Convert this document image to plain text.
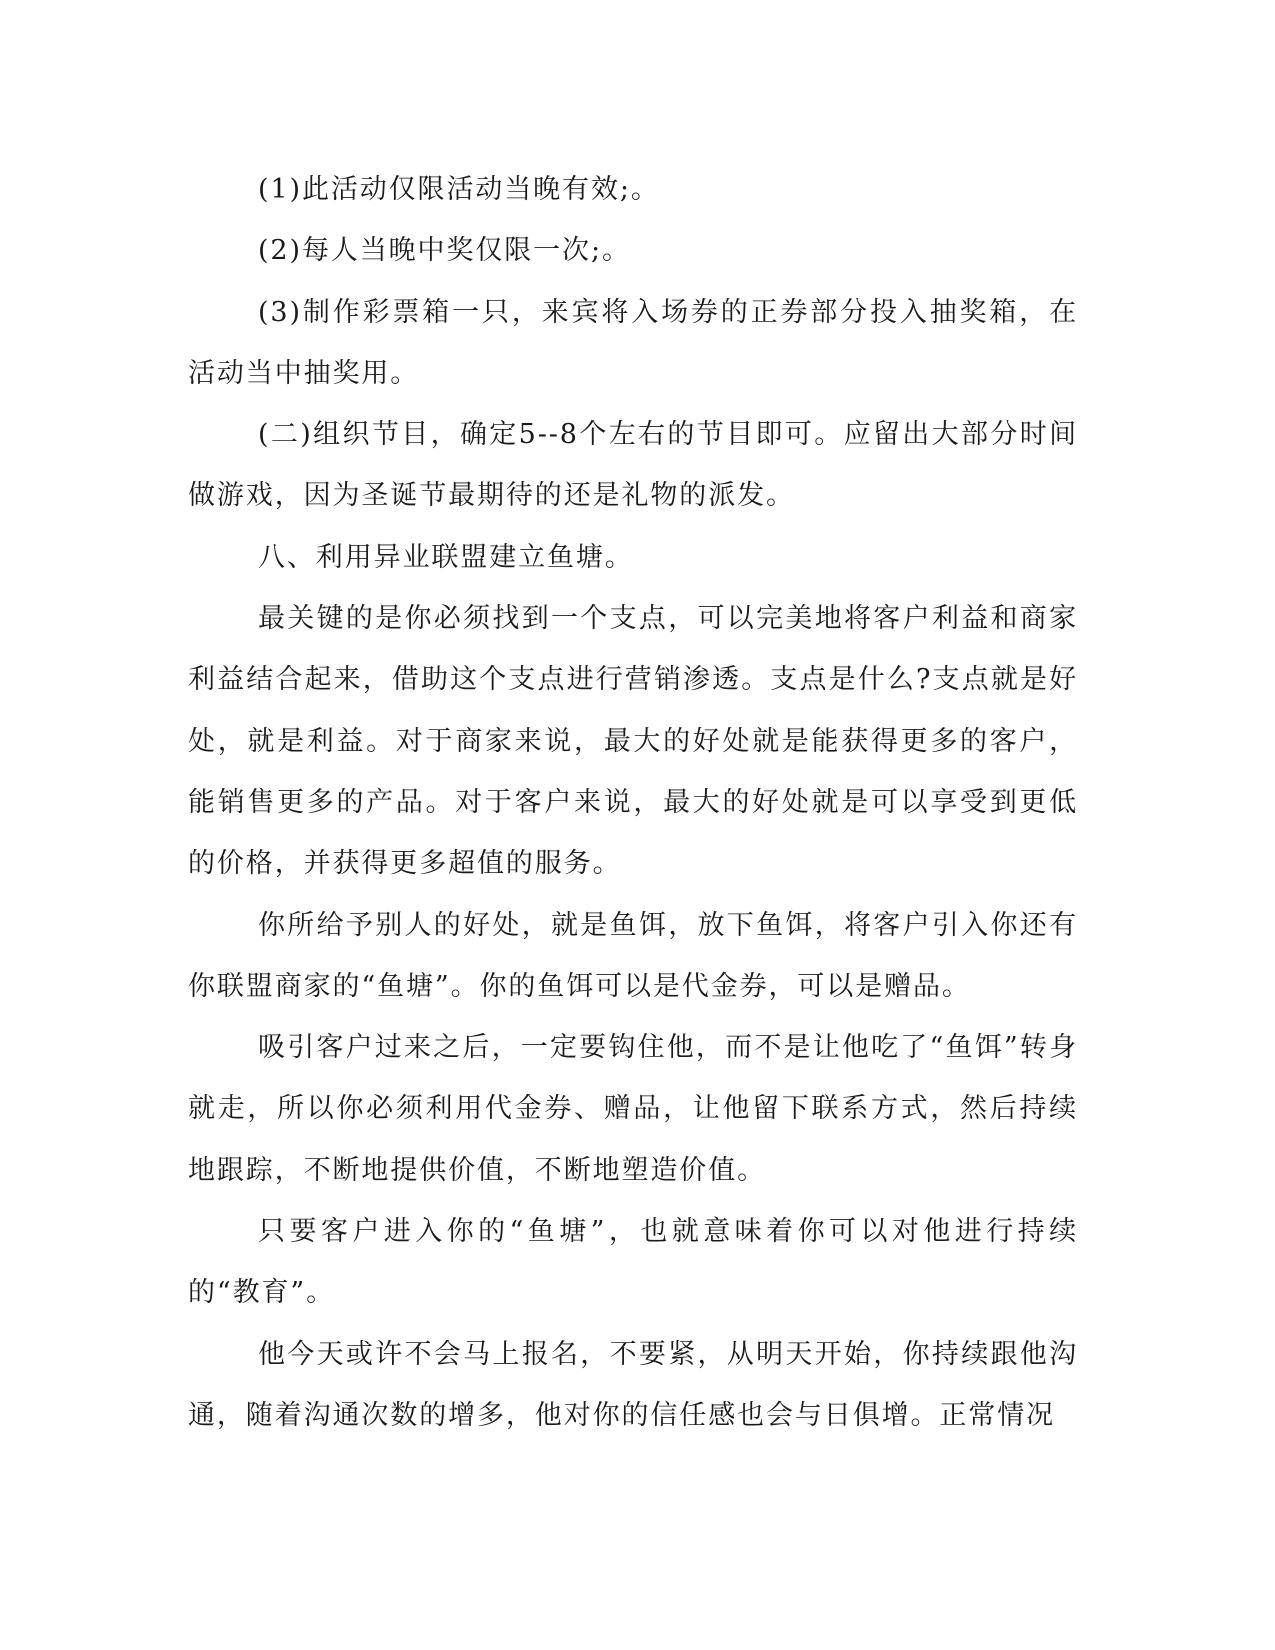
(1)此活动仅限活动当晚有效;。

(2)每人当晚中奖仅限一次;。

(3)制作彩票箱一只，来宾将入场券的正券部分投入抽奖箱，在活动当中抽奖用。

(二)组织节目，确定5--8个左右的节目即可。应留出大部分时间做游戏，因为圣诞节最期待的还是礼物的派发。

八、利用异业联盟建立鱼塘。

最关键的是你必须找到一个支点，可以完美地将客户利益和商家利益结合起来，借助这个支点进行营销渗透。支点是什么?支点就是好处，就是利益。对于商家来说，最大的好处就是能获得更多的客户，能销售更多的产品。对于客户来说，最大的好处就是可以享受到更低的价格，并获得更多超值的服务。

你所给予别人的好处，就是鱼饵，放下鱼饵，将客户引入你还有你联盟商家的“鱼塘”。你的鱼饵可以是代金券，可以是赠品。

吸引客户过来之后，一定要钩住他，而不是让他吃了“鱼饵”转身就走，所以你必须利用代金券、赠品，让他留下联系方式，然后持续地跟踪，不断地提供价值，不断地塑造价值。

只要客户进入你的“鱼塘”，也就意味着你可以对他进行持续的“教育”。

他今天或许不会马上报名，不要紧，从明天开始，你持续跟他沟通，随着沟通次数的增多，他对你的信任感也会与日俱增。正常情况
